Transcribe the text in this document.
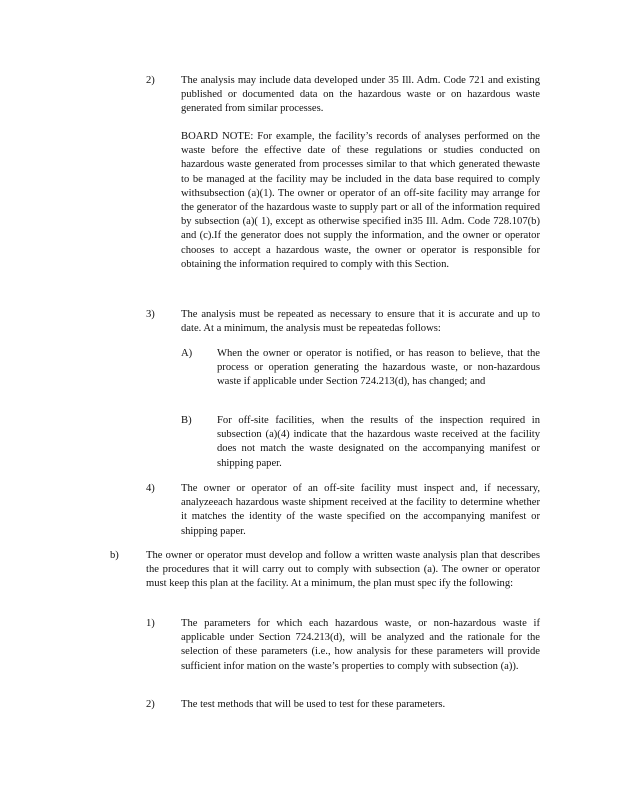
2) The analysis may include data developed under 35 Ill. Adm. Code 721 and existing published or documented data on the hazardous waste or on hazardous waste generated from similar processes.

BOARD NOTE: For example, the facility’s records of analyses performed on the waste before the effective date of these regulations or studies conducted on hazardous waste generated from processes similar to that which generated thewaste to be managed at the facility may be included in the data base required to comply withsubsection (a)(1). The owner or operator of an off-site facility may arrange for the generator of the hazardous waste to supply part or all of the information required by subsection (a)( 1), except as otherwise specified in35 Ill. Adm. Code 728.107(b) and (c).If the generator does not supply the information, and the owner or operator chooses to accept a hazardous waste, the owner or operator is responsible for obtaining the information required to comply with this Section.

3) The analysis must be repeated as necessary to ensure that it is accurate and up to date. At a minimum, the analysis must be repeatedas follows:

A) When the owner or operator is notified, or has reason to believe, that the process or operation generating the hazardous waste, or non-hazardous waste if applicable under Section 724.213(d), has changed; and

B) For off-site facilities, when the results of the inspection required in subsection (a)(4) indicate that the hazardous waste received at the facility does not match the waste designated on the accompanying manifest or shipping paper.

4) The owner or operator of an off-site facility must inspect and, if necessary, analyzeeach hazardous waste shipment received at the facility to determine whether it matches the identity of the waste specified on the accompanying manifest or shipping paper.

b)	The owner or operator must develop and follow a written waste analysis plan that describes the procedures that it will carry out to comply with subsection (a). The owner or operator must keep this plan at the facility. At a minimum, the plan must spec ify the following:

1) The parameters for which each hazardous waste, or non-hazardous waste if applicable under Section 724.213(d), will be analyzed and the rationale for the selection of these parameters (i.e., how analysis for these parameters will provide sufficient infor mation on the waste’s properties to comply with subsection (a)).

2) The test methods that will be used to test for these parameters.
